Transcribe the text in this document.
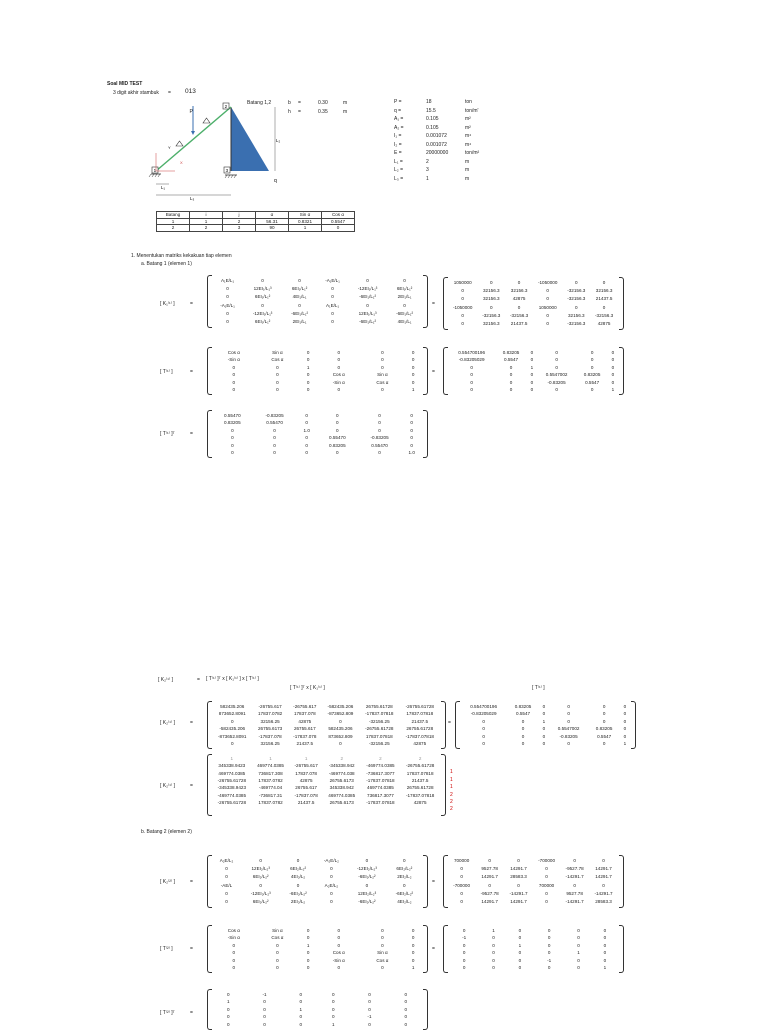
Soal MID TEST
3 digit akhir stambuk = 013
1
2
3
P
q
L₂
L₁
L₃
Y
X
Batang 1,2	b =	0.30	m
h =	0.35	m
P =	18	ton
q =	15.5	ton/m'
A₁ =	0.105	m²
A₂ =	0.105	m²
I₁ =	0.001072	m⁴
I₂ =	0.001072	m⁴
E =	20000000	ton/m²
L₁ =	2	m
L₂ =	3	m
L₃ =	1	m
Batang	i	j	α	Sin α	Cos α
1	1	2	56.31	0.8321	0.5547
2	2	3	90	1	0
1. Menentukan matriks kekakuan tiap elemen
a. Batang 1 (elemen 1)
[ K₁⁽¹⁾ ]	=
A₁E/L₁	0	0	-A₁E/L₁	0	0
0	12EI₁/L₁³	6EI₁/L₁²	0	-12EI₁/L₁³	6EI₁/L₁²
0	6EI₁/L₁²	4EI₁/L₁	0	-6EI₁/L₁²	2EI₁/L₁
-A₁E/L₁	0	0	A₁E/L₁	0	0
0	-12EI₁/L₁³	-6EI₁/L₁²	0	12EI₁/L₁³	-6EI₁/L₁²
0	6EI₁/L₁²	2EI₁/L₁	0	-6EI₁/L₁²	4EI₁/L₁
=
1050000	0	0	-1050000	0	0
0	32156.3	32156.3	0	-32156.3	32156.3
0	32156.3	42875	0	-32156.3	21437.5
-1050000	0	0	1050000	0	0
0	-32156.3	-32156.3	0	32156.3	-32156.3
0	32156.3	21437.5	0	-32156.3	42875
[ T⁽¹⁾ ]	=
Cos α	Sin α	0	0	0	0
-Sin α	Cos α	0	0	0	0
0	0	1	0	0	0
0	0	0	Cos α	Sin α	0
0	0	0	-Sin α	Cos α	0
0	0	0	0	0	1
=
0.554700196	0.83205	0	0	0	0
-0.83205029	0.5547	0	0	0	0
0	0	1	0	0	0
0	0	0	0.5547002	0.83205	0
0	0	0	-0.83205	0.5547	0
0	0	0	0	0	1
[ T⁽¹⁾ ]ᵀ	=
0.55470	-0.83205	0	0	0	0
0.83205	0.55470	0	0	0	0
0	0	1.0	0	0	0
0	0	0	0.55470	-0.83205	0
0	0	0	0.83205	0.55470	0
0	0	0	0	0	1.0
[ K₂⁽¹⁾ ]	=
582435.206	-26755.617	-26755.617	-582435.206	26755.61728	-26755.61728
873652.8091	17837.0782	17837.078	-873652.809	-17837.07818	17837.07818
0	32156.25	42875	0	-32156.25	21437.5
-582435.206	26755.6173	26755.617	582435.206	-26755.61728	26755.61728
-873652.8091	-17837.078	-17837.078	873652.809	17837.07818	-17837.07818
0	32156.25	21437.5	0	-32156.25	42875
=
0.554700196	0.83205	0	0	0	0
-0.83205029	0.5547	0	0	0	0
0	0	1	0	0	0
0	0	0	0.5547002	0.83205	0
0	0	0	-0.83205	0.5547	0
0	0	0	0	0	1
[ K₂⁽¹⁾ ]	=
1	1	1	2	2	2
345338.9423	469774.0385	-26755.617	-345338.942	-469774.0385	-26755.61728
469774.0385	736817.308	17837.078	-469774.038	-736817.3077	17837.07818
-26755.61728	17837.0782	42875	26755.6173	-17837.07818	21437.5
-345338.9423	-469774.04	26755.617	345338.942	469774.0385	26755.61728
-469774.0385	-736817.31	-17837.078	469774.0385	736817.3077	-17837.07818
-26755.61728	17837.0782	21437.5	26755.6173	-17837.07818	42875
1
1
1
2
2
2
[ K₂⁽²⁾ ]	=
A₂E/L₂	0	0	-A₂E/L₂	0	0
0	12EI₂/L₂³	6EI₂/L₂²	0	-12EI₂/L₂³	6EI₂/L₂²
0	6EI₂/L₂²	4EI₂/L₂	0	-6EI₂/L₂²	2EI₂/L₂
-AE/L	0	0	A₂E/L₂	0	0
0	-12EI₂/L₂³	-6EI₂/L₂²	0	12EI₂/L₂³	-6EI₂/L₂²
0	6EI₂/L₂²	2EI₂/L₂	0	-6EI₂/L₂²	4EI₂/L₂
=
700000	0	0	-700000	0	0
0	9527.78	14291.7	0	-9527.78	14291.7
0	14291.7	28583.3	0	-14291.7	14291.7
-700000	0	0	700000	0	0
0	-9527.78	-14291.7	0	9527.78	-14291.7
0	14291.7	14291.7	0	-14291.7	28583.3
[ T⁽²⁾ ]	=
Cos α	Sin α	0	0	0	0
-Sin α	Cos α	0	0	0	0
0	0	1	0	0	0
0	0	0	Cos α	Sin α	0
0	0	0	-Sin α	Cos α	0
0	0	0	0	0	1
=
0	1	0	0	0	0
-1	0	0	0	0	0
0	0	1	0	0	0
0	0	0	0	1	0
0	0	0	-1	0	0
0	0	0	0	0	1
[ T⁽²⁾ ]ᵀ	=
0	-1	0	0	0	0
1	0	0	0	0	0
0	0	1	0	0	0
0	0	0	0	-1	0
0	0	0	1	0	0
[ K₂⁽¹⁾ ]	= [ T⁽¹⁾ ]ᵀ x [ K₁⁽¹⁾ ] x [ T⁽¹⁾ ]
[ T⁽¹⁾ ]ᵀ x [ K₁⁽¹⁾ ]	[ T⁽¹⁾ ]
b. Batang 2 (elemen 2)
